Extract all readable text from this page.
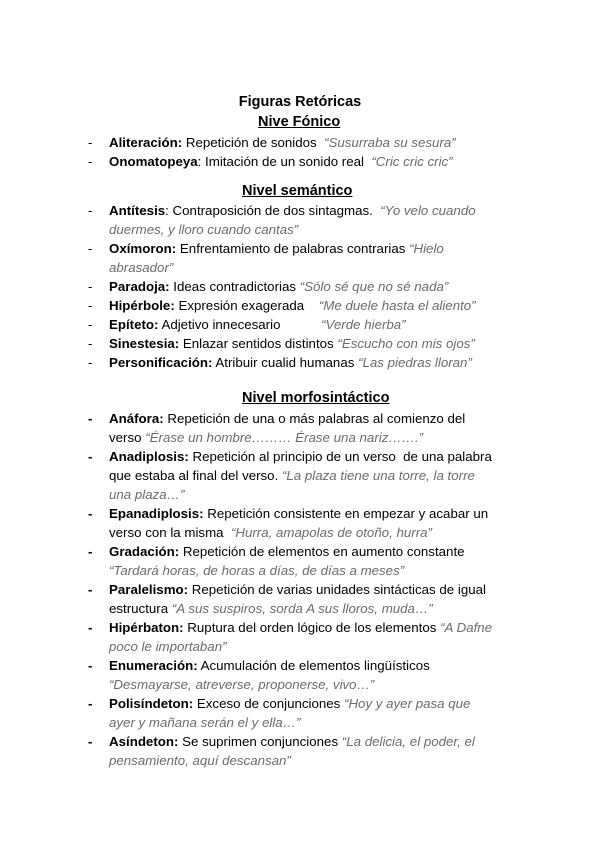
Figuras Retóricas
Nive Fónico
- Aliteración: Repetición de sonidos  “Susurraba su sesura”
- Onomatopeya: Imitación de un sonido real  “Cric cric cric”
Nivel semántico
- Antítesis: Contraposición de dos sintagmas.  “Yo velo cuando duermes, y lloro cuando cantas”
- Oxímoron: Enfrentamiento de palabras contrarias “Hielo abrasador”
- Paradoja: Ideas contradictorias “Sólo sé que no sé nada”
- Hipérbole: Expresión exagerada    “Me duele hasta el aliento”
- Epíteto: Adjetivo innecesario           “Verde hierba”
- Sinestesia: Enlazar sentidos distintos “Escucho con mis ojos”
- Personificación: Atribuir cualid humanas “Las piedras lloran”
Nivel morfosintáctico
- Anáfora: Repetición de una o más palabras al comienzo del verso “Érase un hombre……… Érase una nariz…….”
- Anadiplosis: Repetición al principio de un verso  de una palabra que estaba al final del verso. “La plaza tiene una torre, la torre una plaza…”
- Epanadiplosis: Repetición consistente en empezar y acabar un verso con la misma  “Hurra, amapolas de otoño, hurra”
- Gradación: Repetición de elementos en aumento constante “Tardará horas, de horas a días, de días a meses”
- Paralelismo: Repetición de varias unidades sintácticas de igual estructura “A sus suspiros, sorda A sus lloros, muda…”
- Hipérbaton: Ruptura del orden lógico de los elementos “A Dafne poco le importaban”
- Enumeración: Acumulación de elementos lingüísticos “Desmayarse, atreverse, proponerse, vivo…”
- Polisíndeton: Exceso de conjunciones “Hoy y ayer pasa que ayer y mañana serán el y ella…”
- Asíndeton: Se suprimen conjunciones “La delicia, el poder, el pensamiento, aquí descansan”
